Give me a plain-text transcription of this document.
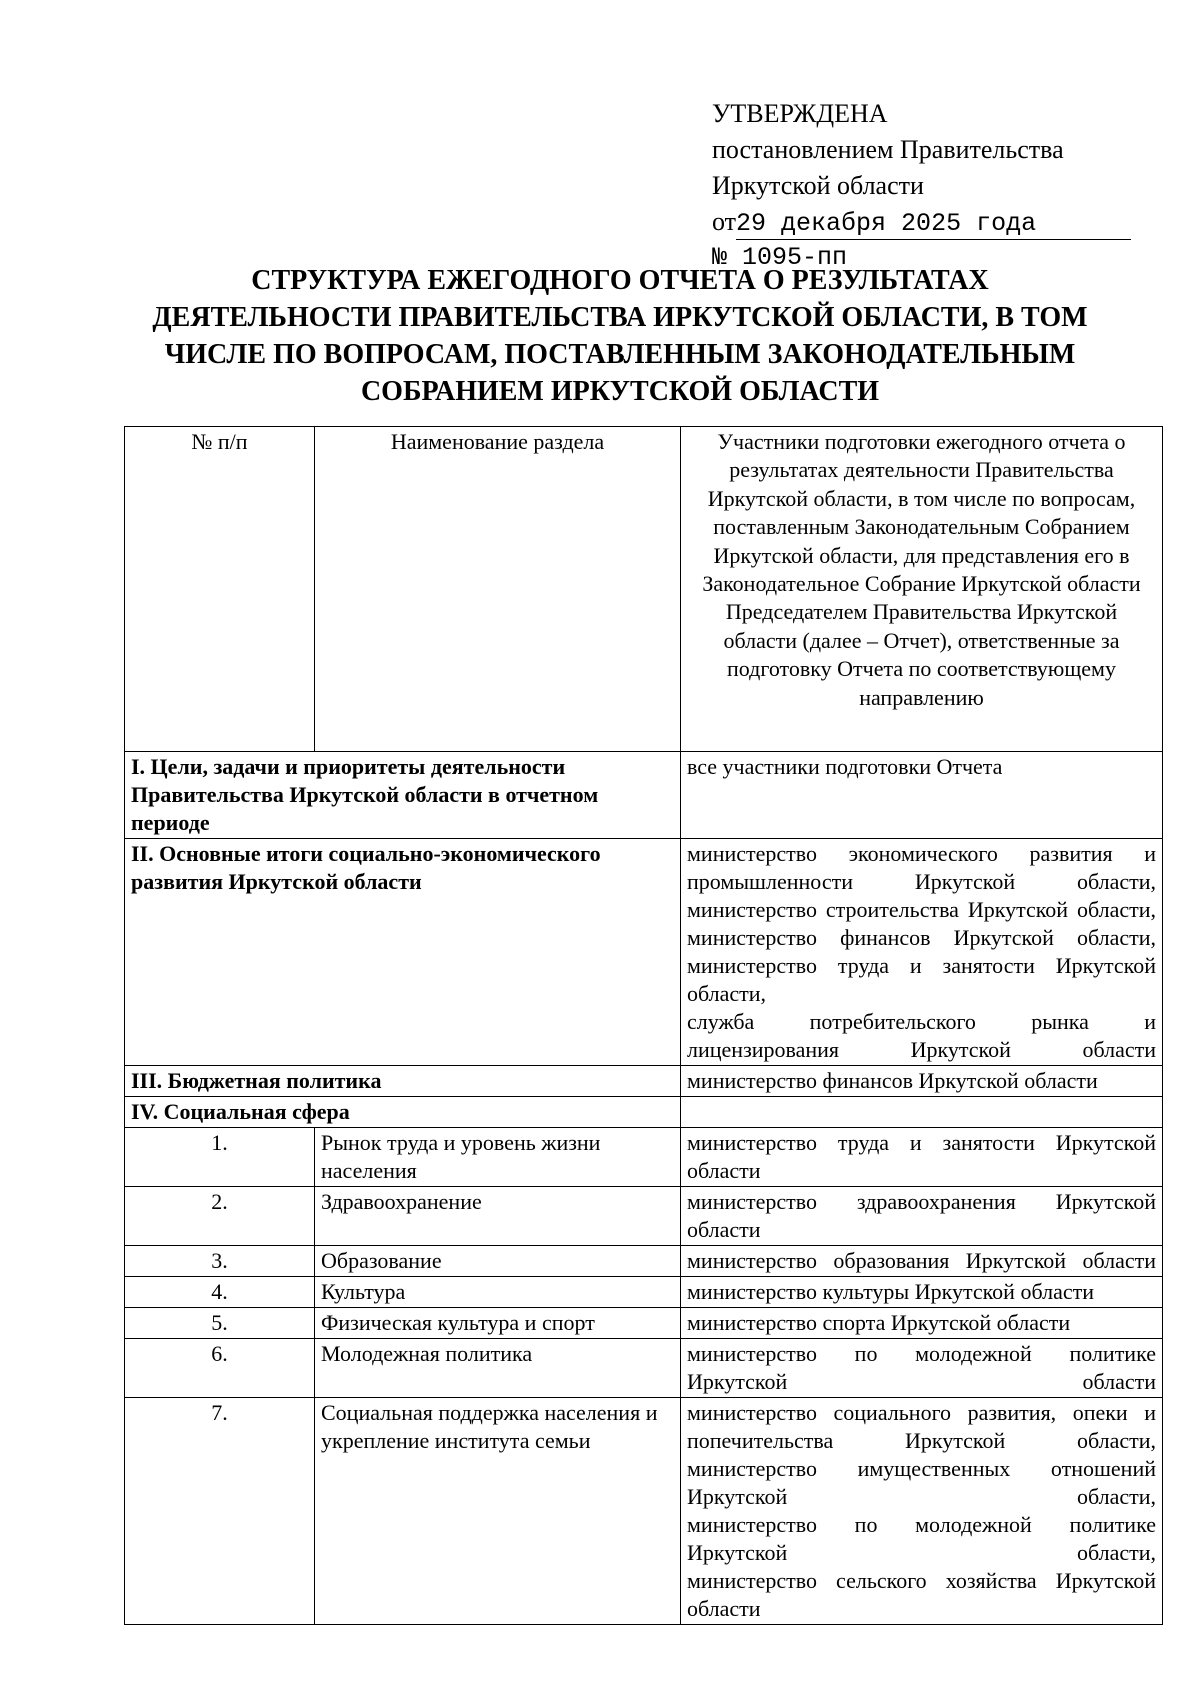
УТВЕРЖДЕНА
постановлением Правительства
Иркутской области
от29 декабря 2025 года
№ 1095-пп
СТРУКТУРА ЕЖЕГОДНОГО ОТЧЕТА О РЕЗУЛЬТАТАХ
ДЕЯТЕЛЬНОСТИ ПРАВИТЕЛЬСТВА ИРКУТСКОЙ ОБЛАСТИ, В ТОМ
ЧИСЛЕ ПО ВОПРОСАМ, ПОСТАВЛЕННЫМ ЗАКОНОДАТЕЛЬНЫМ
СОБРАНИЕМ ИРКУТСКОЙ ОБЛАСТИ
№ п/п	Наименование раздела	Участники подготовки ежегодного отчета о результатах деятельности Правительства Иркутской области, в том числе по вопросам, поставленным Законодательным Собранием Иркутской области, для представления его в Законодательное Собрание Иркутской области Председателем Правительства Иркутской области (далее – Отчет), ответственные за подготовку Отчета по соответствующему направлению
I. Цели, задачи и приоритеты деятельности Правительства Иркутской области в отчетном периоде		все участники подготовки Отчета
II. Основные итоги социально-экономического развития Иркутской области		министерство экономического развития и промышленности Иркутской области,
министерство строительства Иркутской области,
министерство финансов Иркутской области,
министерство труда и занятости Иркутской области,
служба потребительского рынка и лицензирования Иркутской области

III. Бюджетная политика		министерство финансов Иркутской области
IV. Социальная сфера		
1.	Рынок труда и уровень жизни населения	министерство труда и занятости Иркутской области
2.	Здравоохранение	министерство здравоохранения Иркутской области
3.	Образование	министерство образования Иркутской области
4.	Культура	министерство культуры Иркутской области
5.	Физическая культура и спорт	министерство спорта Иркутской области
6.	Молодежная политика	министерство по молодежной политике Иркутской области
7.	Социальная поддержка населения и укрепление института семьи	министерство социального развития, опеки и попечительства Иркутской области,
министерство имущественных отношений Иркутской области,
министерство по молодежной политике Иркутской области,
министерство сельского хозяйства Иркутской области
